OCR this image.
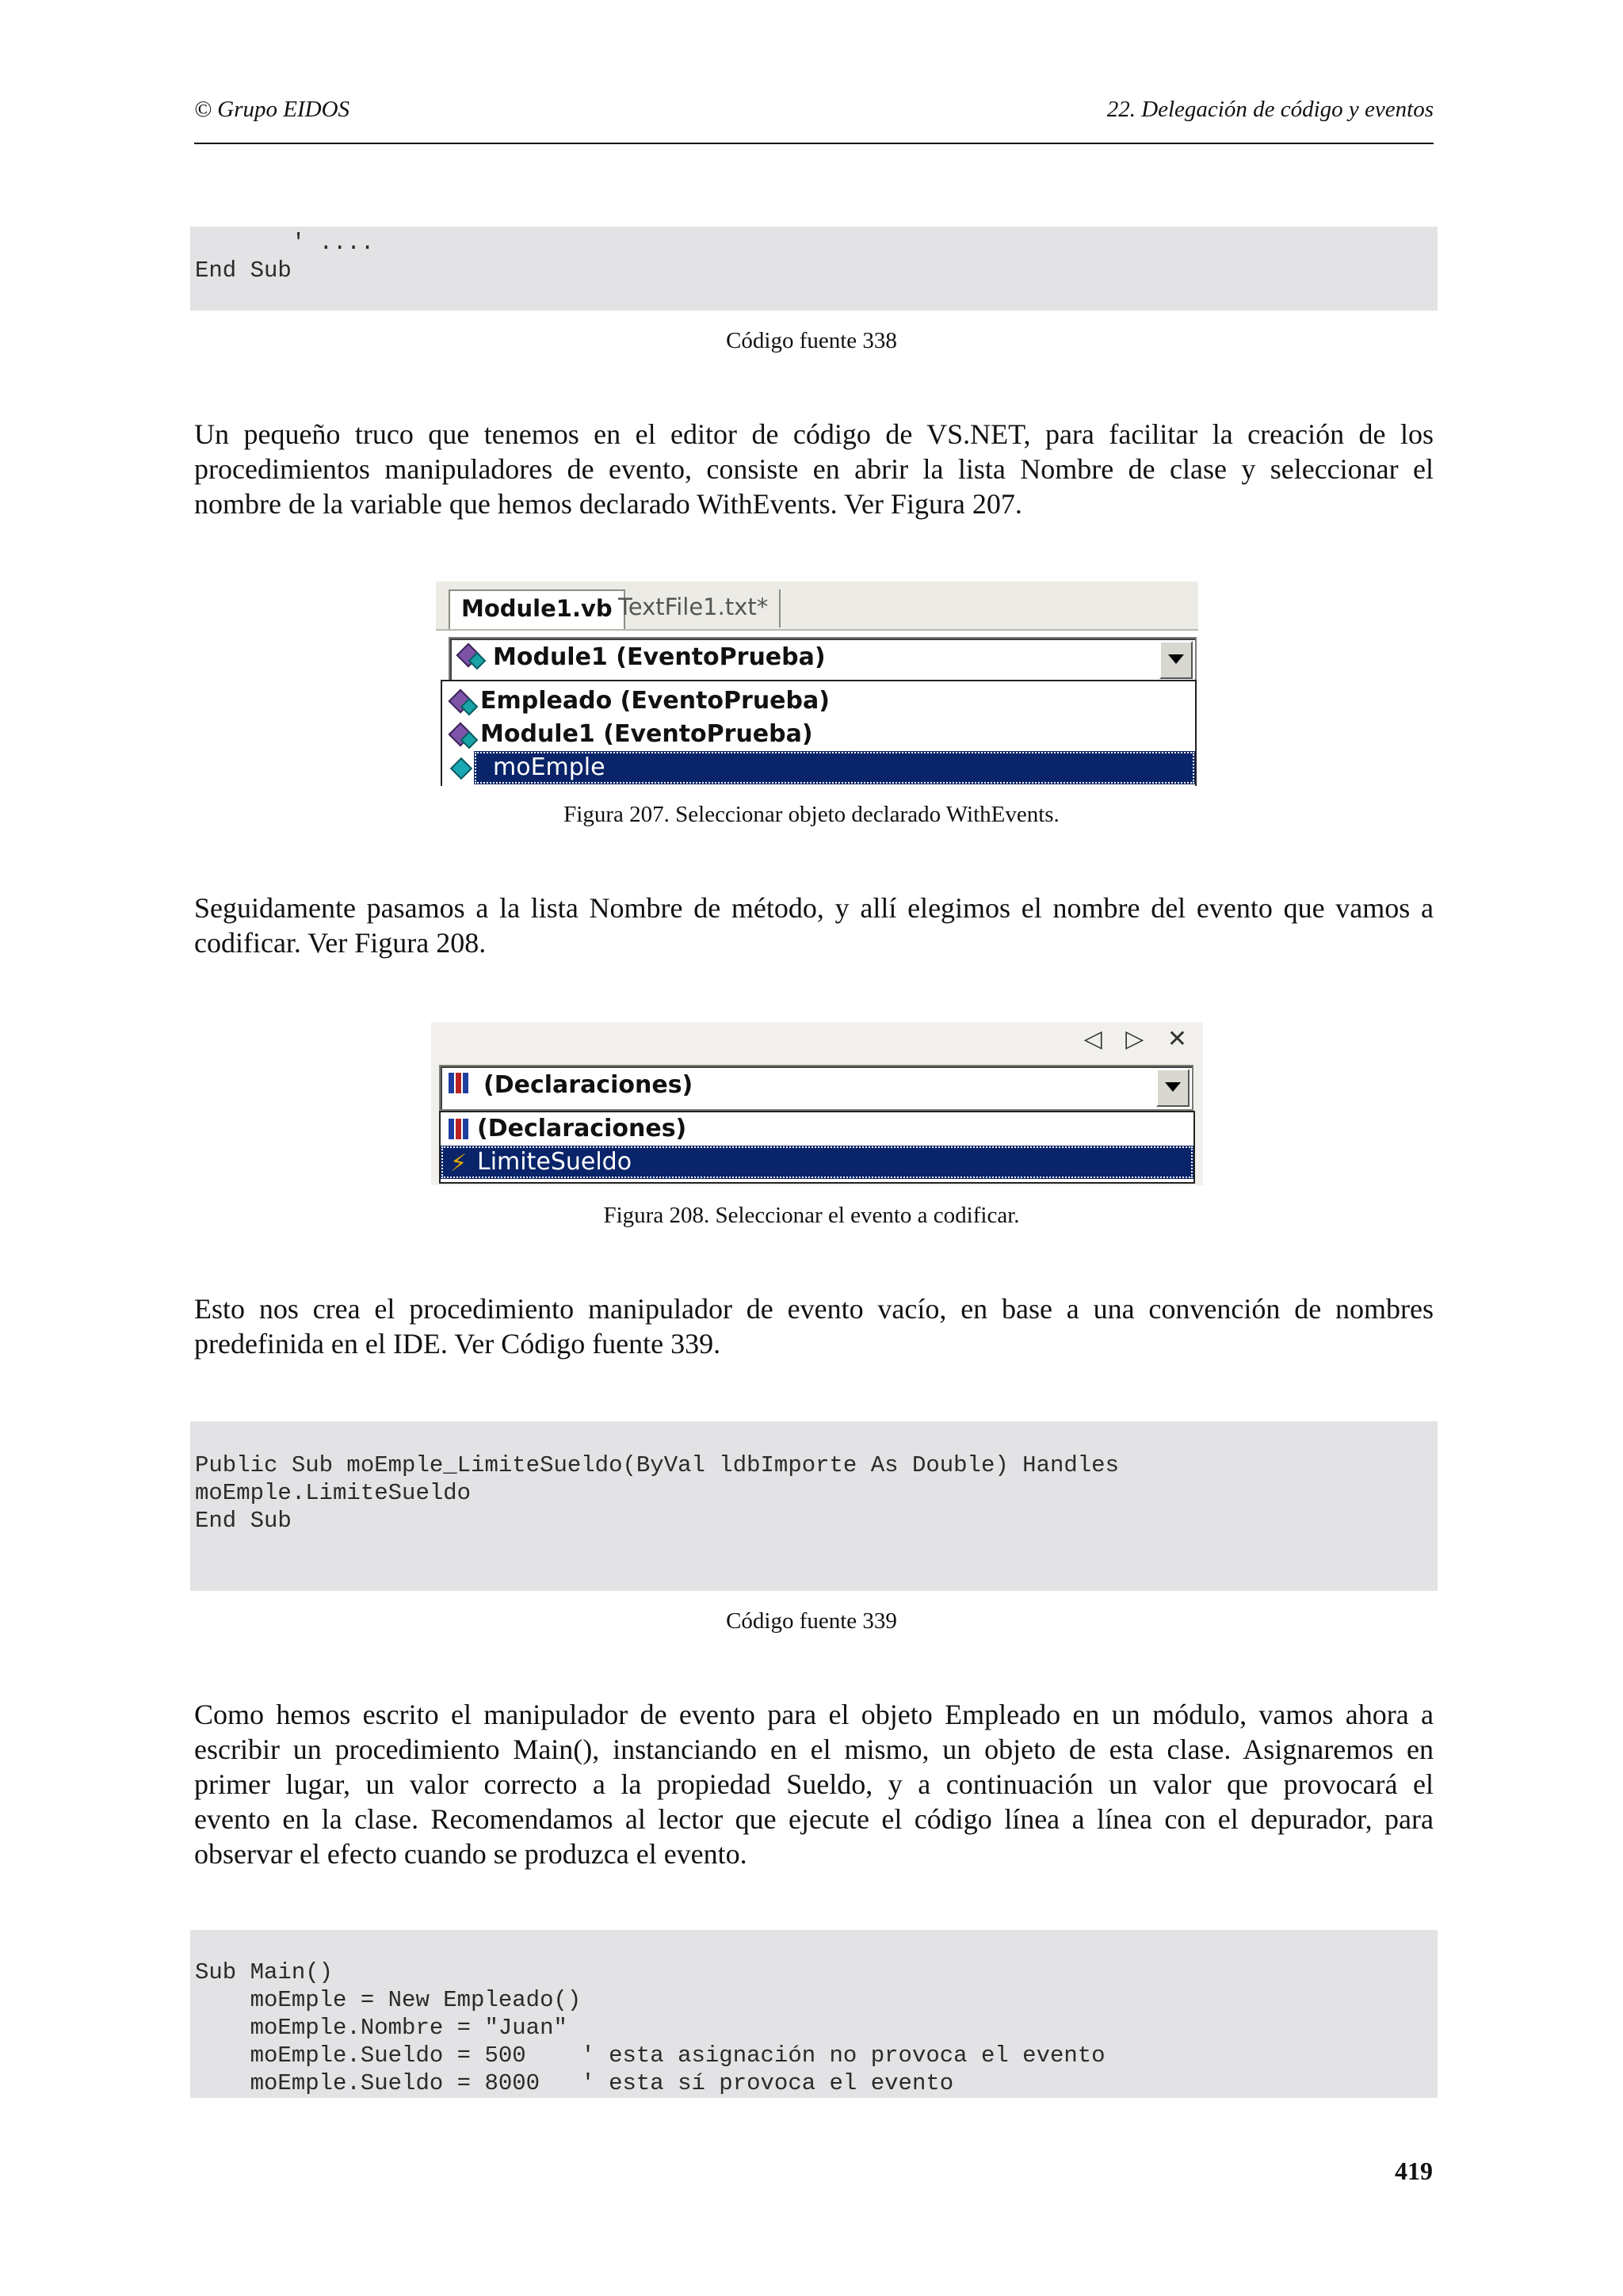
© Grupo EIDOS	22. Delegación de código y eventos
' ....
End Sub
Código fuente 338
Un pequeño truco que tenemos en el editor de código de VS.NET, para facilitar la creación de los
procedimientos manipuladores de evento, consiste en abrir la lista Nombre de clase y seleccionar el
nombre de la variable que hemos declarado WithEvents. Ver Figura 207.
Module1.vb TextFile1.txt*
Module1 (EventoPrueba)
Empleado (EventoPrueba)
Module1 (EventoPrueba)
moEmple
Figura 207. Seleccionar objeto declarado WithEvents.
Seguidamente pasamos a la lista Nombre de método, y allí elegimos el nombre del evento que vamos a
codificar. Ver Figura 208.
◁ ▷ ✕
(Declaraciones)
(Declaraciones)
⚡
LimiteSueldo
Figura 208. Seleccionar el evento a codificar.
Esto nos crea el procedimiento manipulador de evento vacío, en base a una convención de nombres
predefinida en el IDE. Ver Código fuente 339.
Public Sub moEmple_LimiteSueldo(ByVal ldbImporte As Double) Handles
moEmple.LimiteSueldo
End Sub
Código fuente 339
Como hemos escrito el manipulador de evento para el objeto Empleado en un módulo, vamos ahora a
escribir un procedimiento Main(), instanciando en el mismo, un objeto de esta clase. Asignaremos en
primer lugar, un valor correcto a la propiedad Sueldo, y a continuación un valor que provocará el
evento en la clase. Recomendamos al lector que ejecute el código línea a línea con el depurador, para
observar el efecto cuando se produzca el evento.
Sub Main()
moEmple = New Empleado()
moEmple.Nombre = "Juan"
moEmple.Sueldo = 500    ' esta asignación no provoca el evento
moEmple.Sueldo = 8000   ' esta sí provoca el evento
419
